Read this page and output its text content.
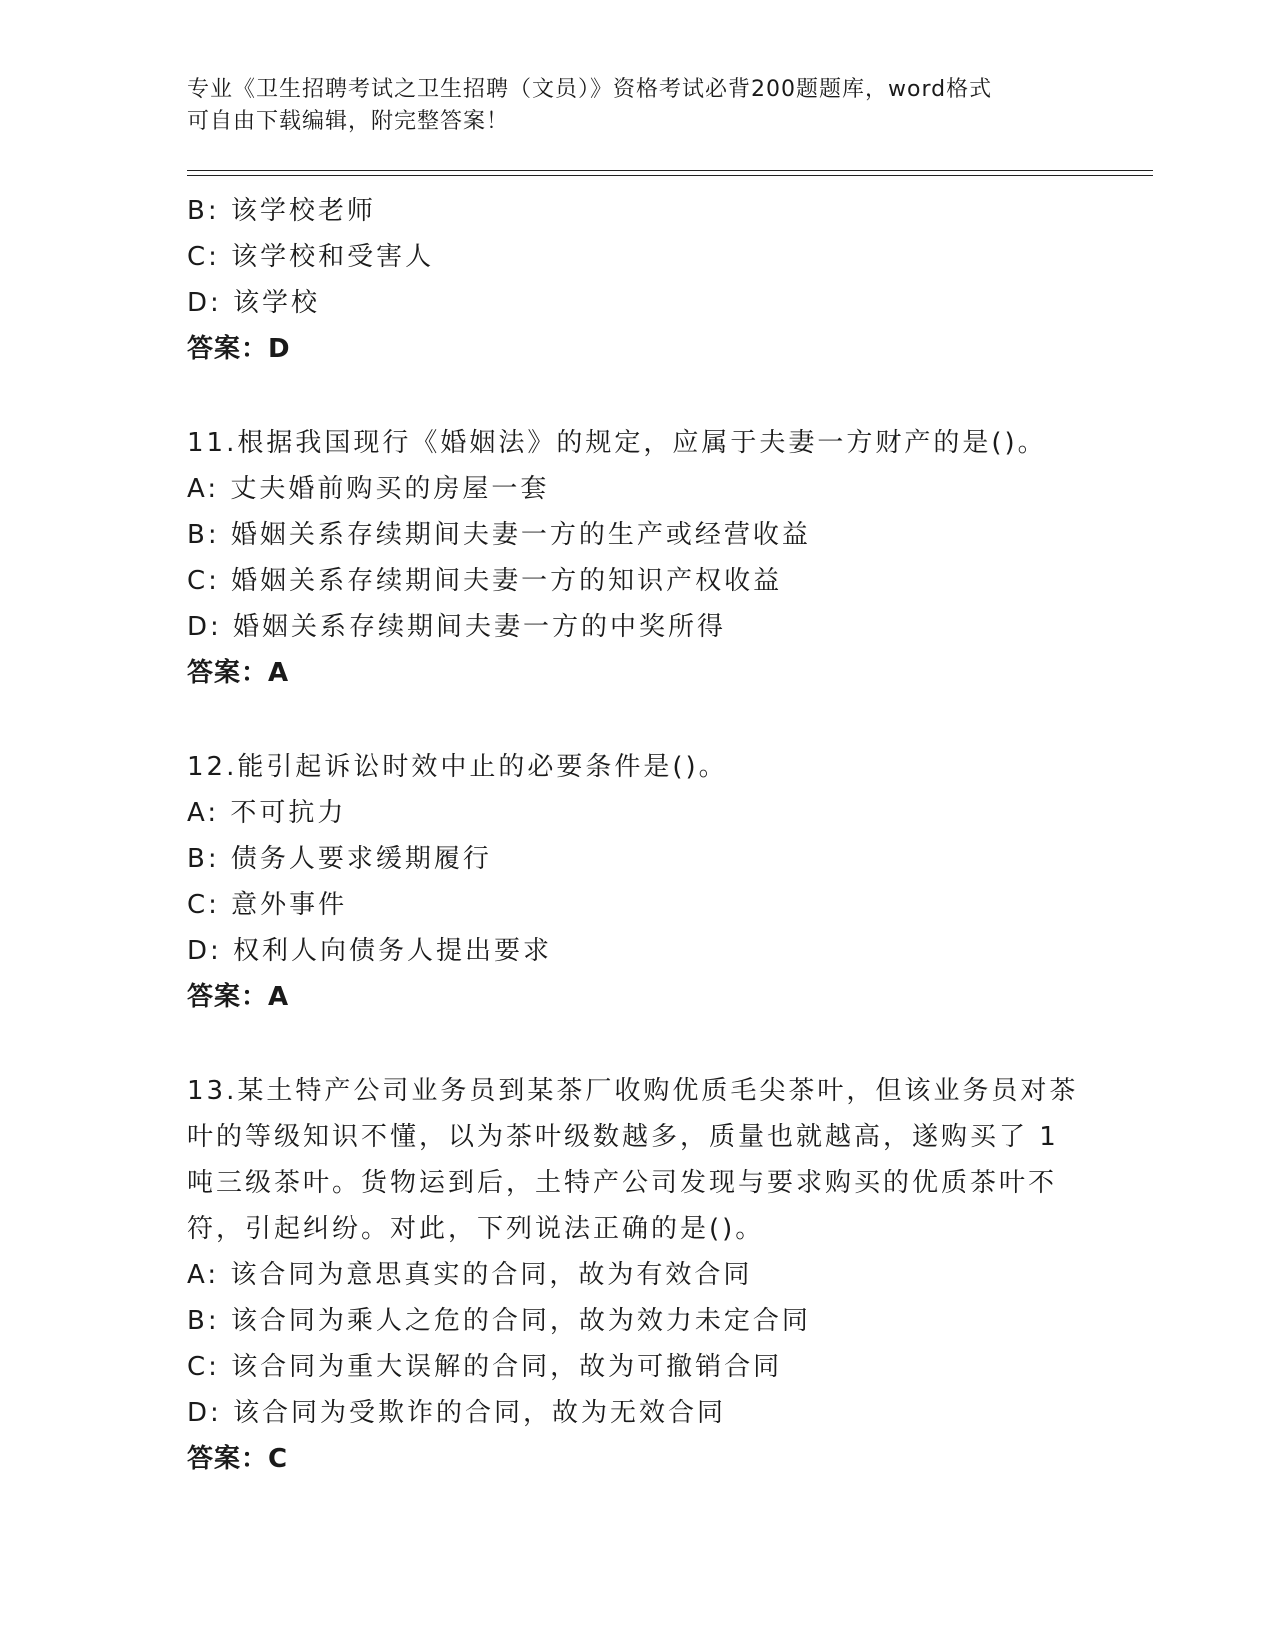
专业《卫生招聘考试之卫生招聘（文员）》资格考试必背200题题库，word格式
可自由下载编辑，附完整答案！
B: 该学校老师
C: 该学校和受害人
D: 该学校
答案：D
11.根据我国现行《婚姻法》的规定，应属于夫妻一方财产的是()。
A: 丈夫婚前购买的房屋一套
B: 婚姻关系存续期间夫妻一方的生产或经营收益
C: 婚姻关系存续期间夫妻一方的知识产权收益
D: 婚姻关系存续期间夫妻一方的中奖所得
答案：A
12.能引起诉讼时效中止的必要条件是()。
A: 不可抗力
B: 债务人要求缓期履行
C: 意外事件
D: 权利人向债务人提出要求
答案：A
13.某土特产公司业务员到某茶厂收购优质毛尖茶叶，但该业务员对茶
叶的等级知识不懂，以为茶叶级数越多，质量也就越高，遂购买了 1
吨三级茶叶。货物运到后，土特产公司发现与要求购买的优质茶叶不
符，引起纠纷。对此，下列说法正确的是()。
A: 该合同为意思真实的合同，故为有效合同
B: 该合同为乘人之危的合同，故为效力未定合同
C: 该合同为重大误解的合同，故为可撤销合同
D: 该合同为受欺诈的合同，故为无效合同
答案：C
